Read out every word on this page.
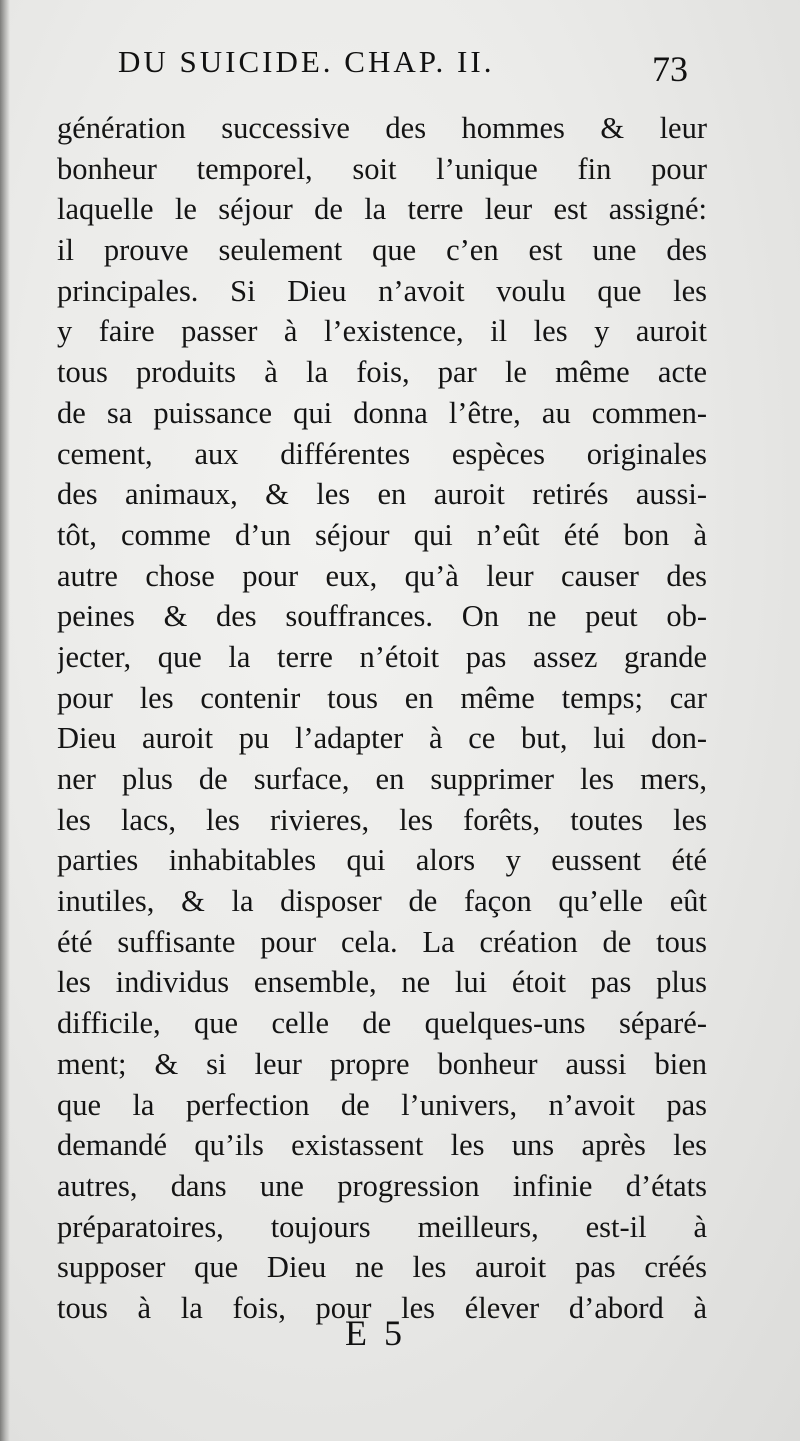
DU SUICIDE. CHAP. II.	73
génération successive des hommes & leur
bonheur temporel, soit l’unique fin pour
laquelle le séjour de la terre leur est assigné:
il prouve seulement que c’en est une des
principales. Si Dieu n’avoit voulu que les
y faire passer à l’existence, il les y auroit
tous produits à la fois, par le même acte
de sa puissance qui donna l’être, au commen-
cement, aux différentes espèces originales
des animaux, & les en auroit retirés aussi-
tôt, comme d’un séjour qui n’eût été bon à
autre chose pour eux, qu’à leur causer des
peines & des souffrances. On ne peut ob-
jecter, que la terre n’étoit pas assez grande
pour les contenir tous en même temps; car
Dieu auroit pu l’adapter à ce but, lui don-
ner plus de surface, en supprimer les mers,
les lacs, les rivieres, les forêts, toutes les
parties inhabitables qui alors y eussent été
inutiles, & la disposer de façon qu’elle eût
été suffisante pour cela. La création de tous
les individus ensemble, ne lui étoit pas plus
difficile, que celle de quelques-uns séparé-
ment; & si leur propre bonheur aussi bien
que la perfection de l’univers, n’avoit pas
demandé qu’ils existassent les uns après les
autres, dans une progression infinie d’états
préparatoires, toujours meilleurs, est-il à
supposer que Dieu ne les auroit pas créés
tous à la fois, pour les élever d’abord à
E 5
